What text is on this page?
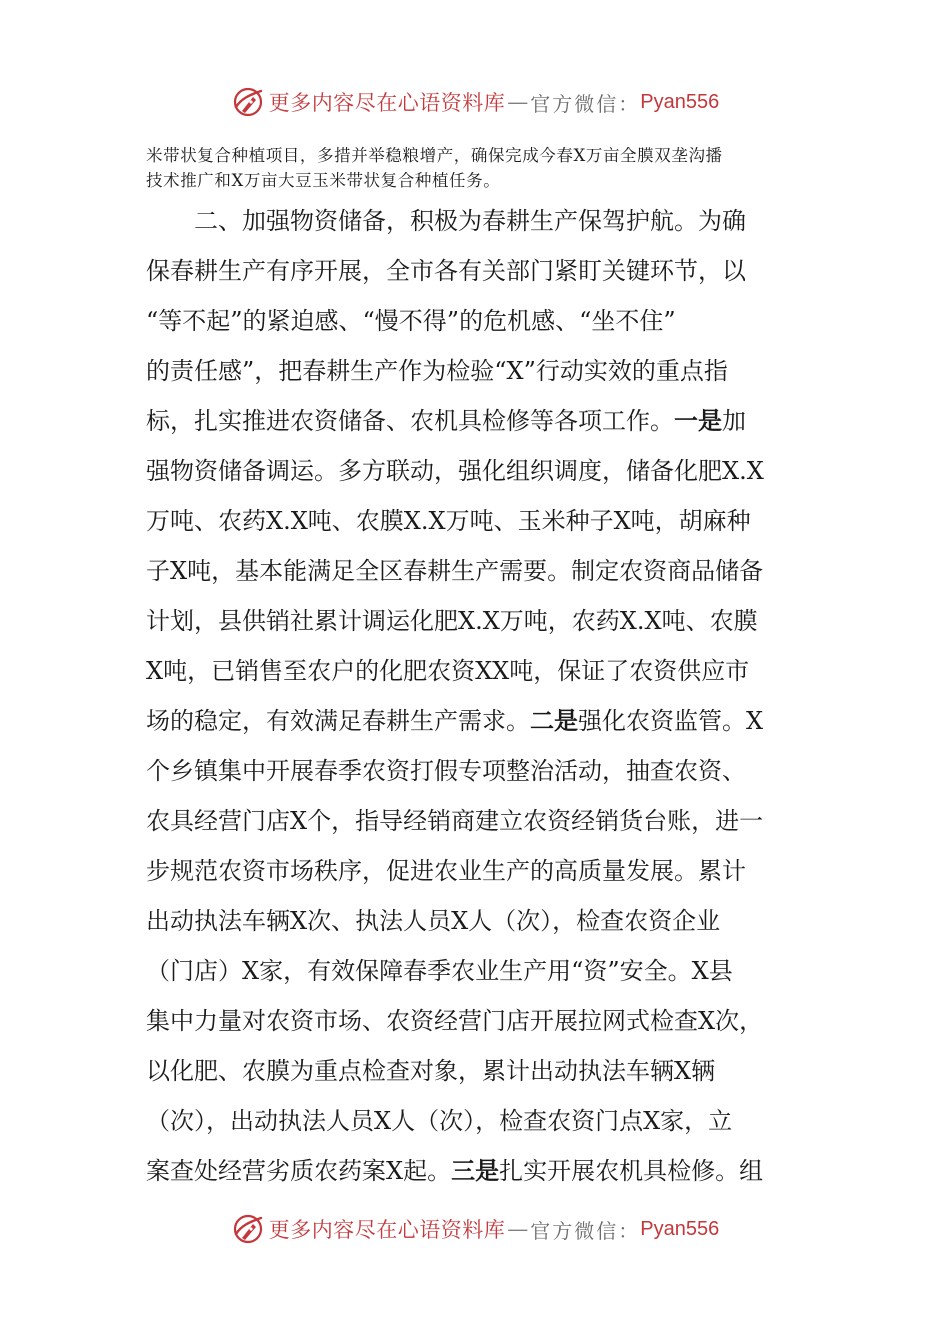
更多内容尽在心语资料库 — 官方微信： Pyan556
米带状复合种植项目，多措并举稳粮增产，确保完成今春X万亩全膜双垄沟播
技术推广和X万亩大豆玉米带状复合种植任务。
二、加强物资储备，积极为春耕生产保驾护航。为确
保春耕生产有序开展，全市各有关部门紧盯关键环节，以
“等不起”的紧迫感、“慢不得”的危机感、“坐不住”
的责任感”，把春耕生产作为检验“X”行动实效的重点指
标，扎实推进农资储备、农机具检修等各项工作。一是加
强物资储备调运。多方联动，强化组织调度，储备化肥X.X
万吨、农药X.X吨、农膜X.X万吨、玉米种子X吨，胡麻种
子X吨，基本能满足全区春耕生产需要。制定农资商品储备
计划，县供销社累计调运化肥X.X万吨，农药X.X吨、农膜
X吨，已销售至农户的化肥农资XX吨，保证了农资供应市
场的稳定，有效满足春耕生产需求。二是强化农资监管。X
个乡镇集中开展春季农资打假专项整治活动，抽查农资、
农具经营门店X个，指导经销商建立农资经销货台账，进一
步规范农资市场秩序，促进农业生产的高质量发展。累计
出动执法车辆X次、执法人员X人（次），检查农资企业
（门店）X家，有效保障春季农业生产用“资”安全。X县
集中力量对农资市场、农资经营门店开展拉网式检查X次，
以化肥、农膜为重点检查对象，累计出动执法车辆X辆
（次），出动执法人员X人（次），检查农资门点X家，立
案查处经营劣质农药案X起。三是扎实开展农机具检修。组
更多内容尽在心语资料库 — 官方微信： Pyan556
